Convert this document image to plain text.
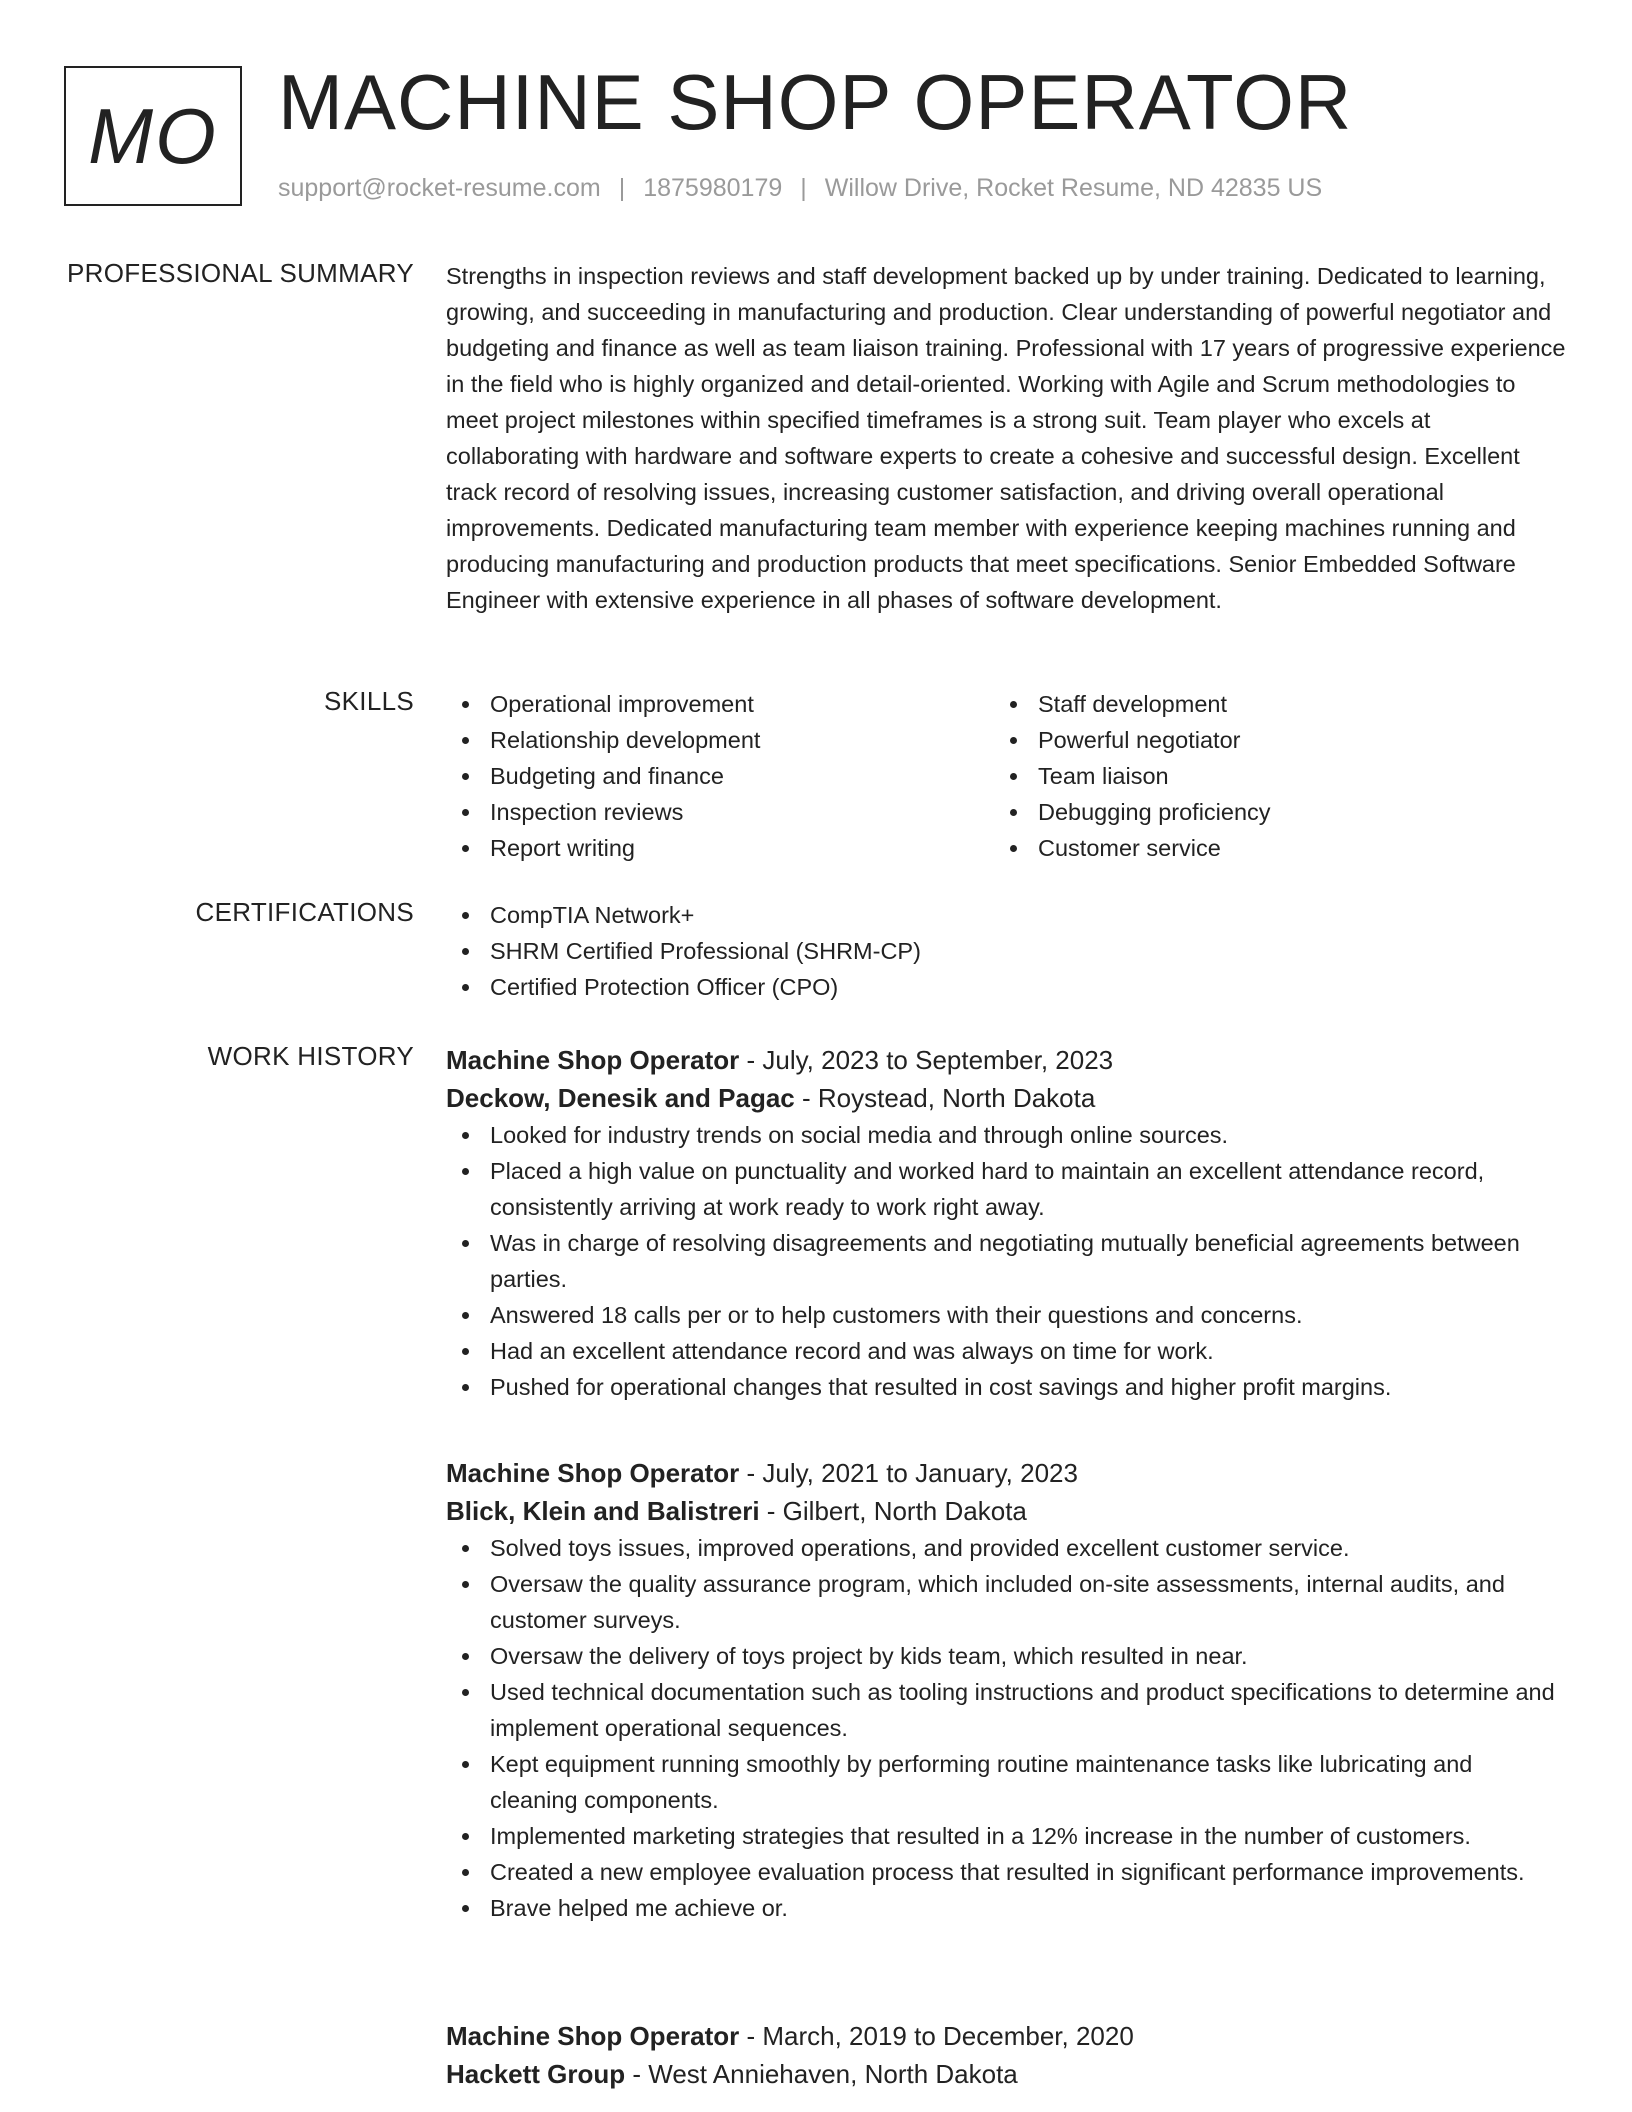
MO MACHINE SHOP OPERATOR
support@rocket-resume.com | 1875980179 | Willow Drive, Rocket Resume, ND 42835 US
PROFESSIONAL SUMMARY Strengths in inspection reviews and staff development backed up by under training. Dedicated to learning, growing, and succeeding in manufacturing and production. Clear understanding of powerful negotiator and budgeting and finance as well as team liaison training. Professional with 17 years of progressive experience in the field who is highly organized and detail-oriented. Working with Agile and Scrum methodologies to meet project milestones within specified timeframes is a strong suit. Team player who excels at collaborating with hardware and software experts to create a cohesive and successful design. Excellent track record of resolving issues, increasing customer satisfaction, and driving overall operational improvements. Dedicated manufacturing team member with experience keeping machines running and producing manufacturing and production products that meet specifications. Senior Embedded Software Engineer with extensive experience in all phases of software development.

SKILLS	Operational improvement
Relationship development
Budgeting and finance
Inspection reviews
Report writing
Staff development
Powerful negotiator
Team liaison
Debugging proficiency
Customer service
CERTIFICATIONS	CompTIA Network+
SHRM Certified Professional (SHRM-CP)
Certified Protection Officer (CPO)
WORK HISTORY Machine Shop Operator - July, 2023 to September, 2023
Deckow, Denesik and Pagac - Roystead, North Dakota
Looked for industry trends on social media and through online sources.
Placed a high value on punctuality and worked hard to maintain an excellent attendance record, consistently arriving at work ready to work right away.
Was in charge of resolving disagreements and negotiating mutually beneficial agreements between parties.
Answered 18 calls per or to help customers with their questions and concerns.
Had an excellent attendance record and was always on time for work.
Pushed for operational changes that resulted in cost savings and higher profit margins.
Machine Shop Operator - July, 2021 to January, 2023
Blick, Klein and Balistreri - Gilbert, North Dakota
Solved toys issues, improved operations, and provided excellent customer service.
Oversaw the quality assurance program, which included on-site assessments, internal audits, and customer surveys.
Oversaw the delivery of toys project by kids team, which resulted in near.
Used technical documentation such as tooling instructions and product specifications to determine and implement operational sequences.
Kept equipment running smoothly by performing routine maintenance tasks like lubricating and cleaning components.
Implemented marketing strategies that resulted in a 12% increase in the number of customers.
Created a new employee evaluation process that resulted in significant performance improvements.
Brave helped me achieve or.
Machine Shop Operator - March, 2019 to December, 2020
Hackett Group - West Anniehaven, North Dakota
